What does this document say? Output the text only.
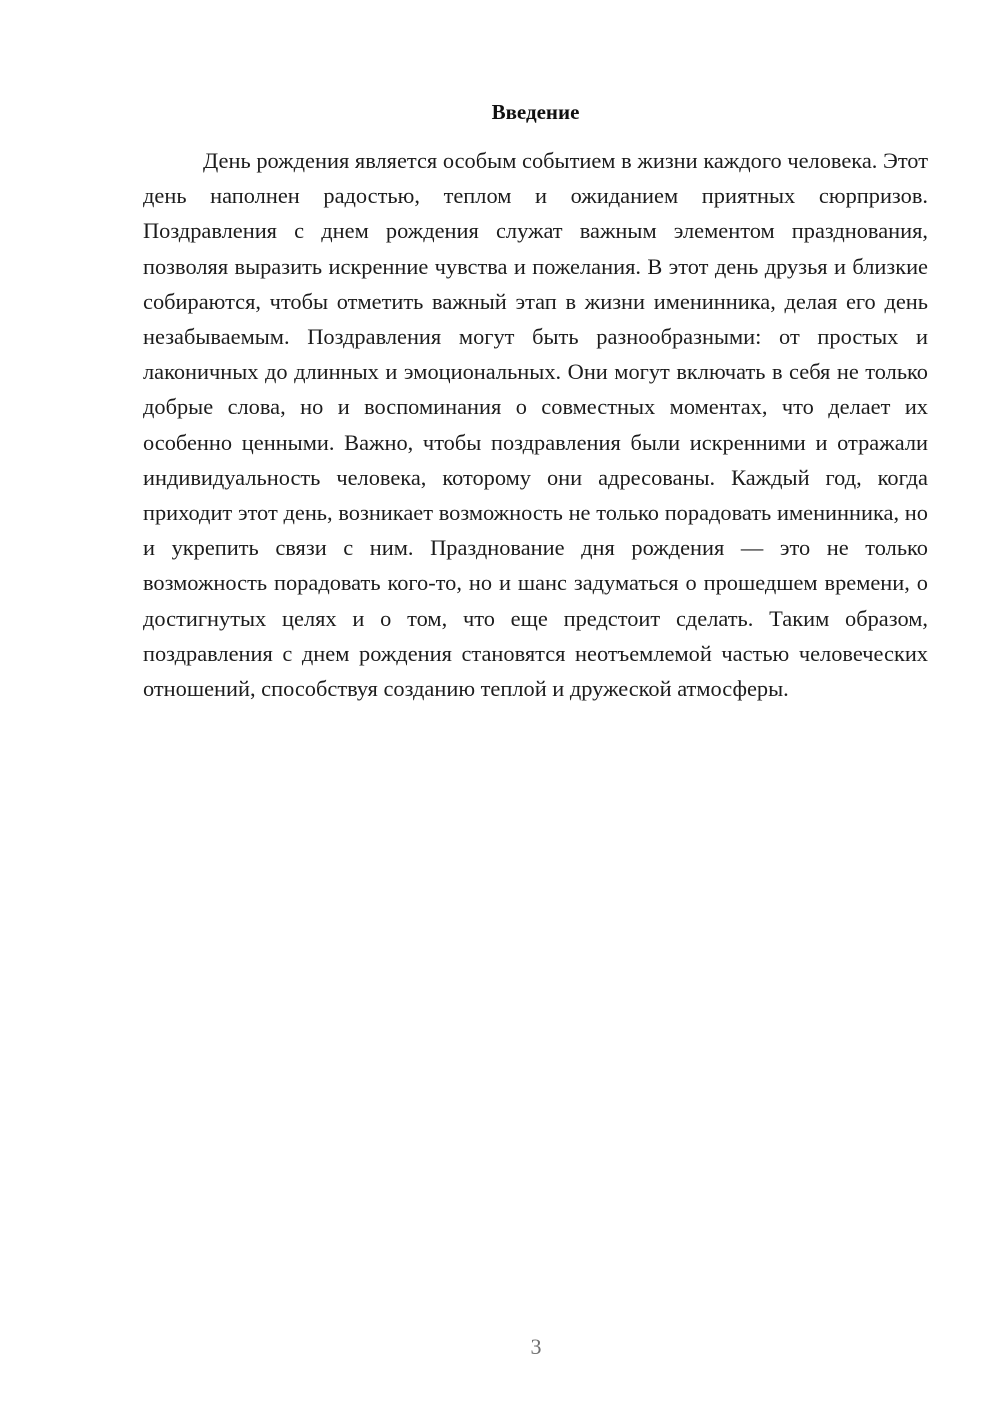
Введение

День рождения является особым событием в жизни каждого человека. Этот день наполнен радостью, теплом и ожиданием приятных сюрпризов. Поздравления с днем рождения служат важным элементом празднования, позволяя выразить искренние чувства и пожелания. В этот день друзья и близкие собираются, чтобы отметить важный этап в жизни именинника, делая его день незабываемым. Поздравления могут быть разнообразными: от простых и лаконичных до длинных и эмоциональных. Они могут включать в себя не только добрые слова, но и воспоминания о совместных моментах, что делает их особенно ценными. Важно, чтобы поздравления были искренними и отражали индивидуальность человека, которому они адресованы. Каждый год, когда приходит этот день, возникает возможность не только порадовать именинника, но и укрепить связи с ним. Празднование дня рождения — это не только возможность порадовать кого-то, но и шанс задуматься о прошедшем времени, о достигнутых целях и о том, что еще предстоит сделать. Таким образом, поздравления с днем рождения становятся неотъемлемой частью человеческих отношений, способствуя созданию теплой и дружеской атмосферы.

3
